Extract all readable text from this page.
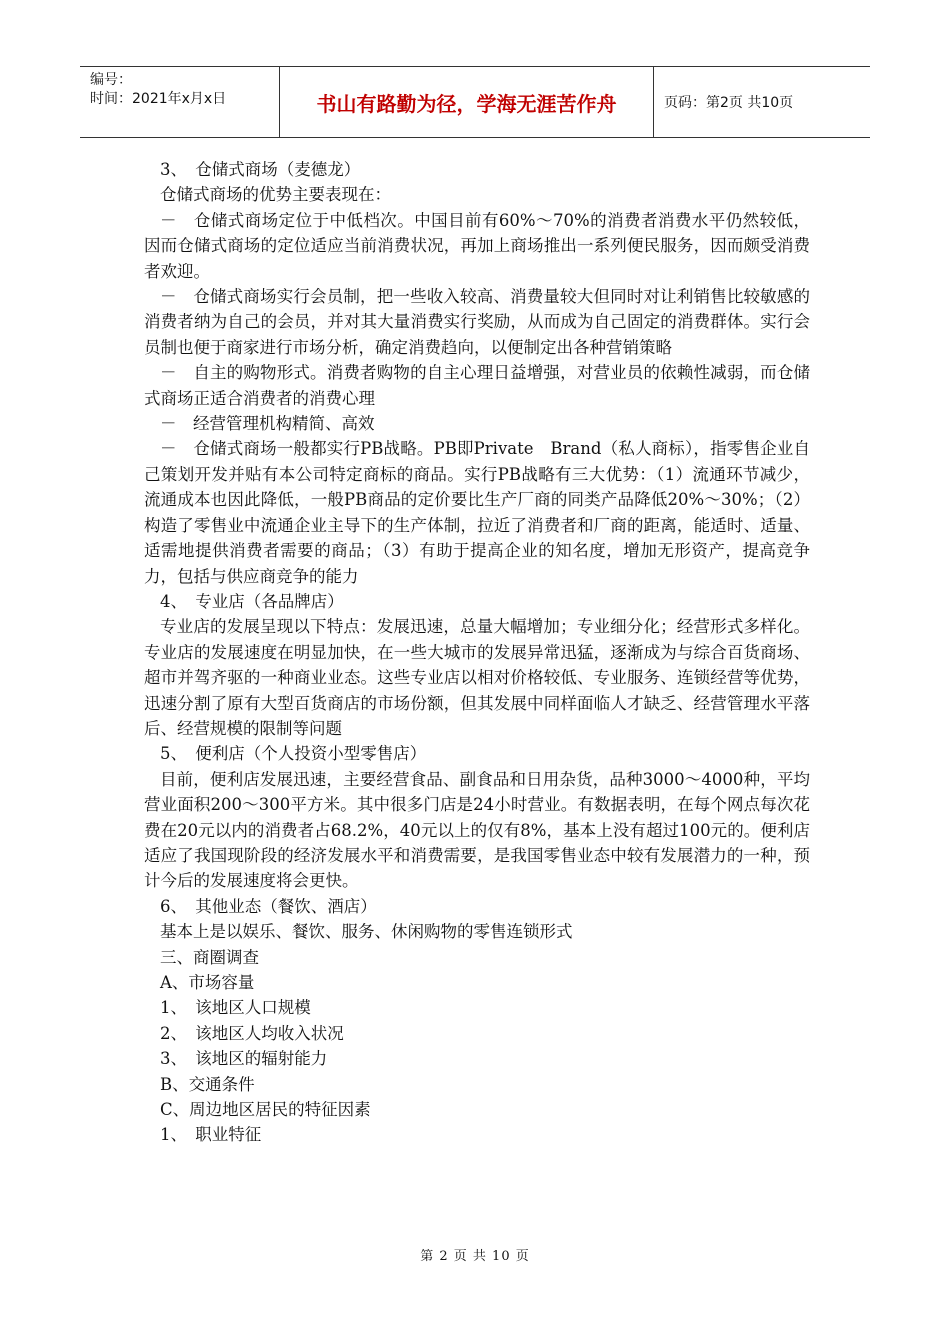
编号：
时间：2021年x月x日	书山有路勤为径，学海无涯苦作舟	页码：第2页 共10页
3、　仓储式商场（麦德龙）
仓储式商场的优势主要表现在：
－　仓储式商场定位于中低档次。中国目前有60%～70%的消费者消费水平仍然较低，因而仓储式商场的定位适应当前消费状况，再加上商场推出一系列便民服务，因而颇受消费者欢迎。
－　仓储式商场实行会员制，把一些收入较高、消费量较大但同时对让利销售比较敏感的消费者纳为自己的会员，并对其大量消费实行奖励，从而成为自己固定的消费群体。实行会员制也便于商家进行市场分析，确定消费趋向，以便制定出各种营销策略
－　自主的购物形式。消费者购物的自主心理日益增强，对营业员的依赖性减弱，而仓储式商场正适合消费者的消费心理
－　经营管理机构精简、高效
－　仓储式商场一般都实行PB战略。PB即Private　Brand（私人商标），指零售企业自己策划开发并贴有本公司特定商标的商品。实行PB战略有三大优势：（1）流通环节减少，流通成本也因此降低，一般PB商品的定价要比生产厂商的同类产品降低20%～30%；（2）构造了零售业中流通企业主导下的生产体制，拉近了消费者和厂商的距离，能适时、适量、适需地提供消费者需要的商品；（3）有助于提高企业的知名度，增加无形资产，提高竞争力，包括与供应商竞争的能力
4、　专业店（各品牌店）
专业店的发展呈现以下特点：发展迅速，总量大幅增加；专业细分化；经营形式多样化。专业店的发展速度在明显加快，在一些大城市的发展异常迅猛，逐渐成为与综合百货商场、超市并驾齐驱的一种商业业态。这些专业店以相对价格较低、专业服务、连锁经营等优势，迅速分割了原有大型百货商店的市场份额，但其发展中同样面临人才缺乏、经营管理水平落后、经营规模的限制等问题
5、　便利店（个人投资小型零售店）
目前，便利店发展迅速，主要经营食品、副食品和日用杂货，品种3000～4000种，平均营业面积200～300平方米。其中很多门店是24小时营业。有数据表明，在每个网点每次花费在20元以内的消费者占68.2%，40元以上的仅有8%，基本上没有超过100元的。便利店适应了我国现阶段的经济发展水平和消费需要，是我国零售业态中较有发展潜力的一种，预计今后的发展速度将会更快。
6、　其他业态（餐饮、酒店）
基本上是以娱乐、餐饮、服务、休闲购物的零售连锁形式
三、商圈调查
A、市场容量
1、　该地区人口规模
2、　该地区人均收入状况
3、　该地区的辐射能力
B、交通条件
C、周边地区居民的特征因素
1、　职业特征
第 2 页 共 10 页
